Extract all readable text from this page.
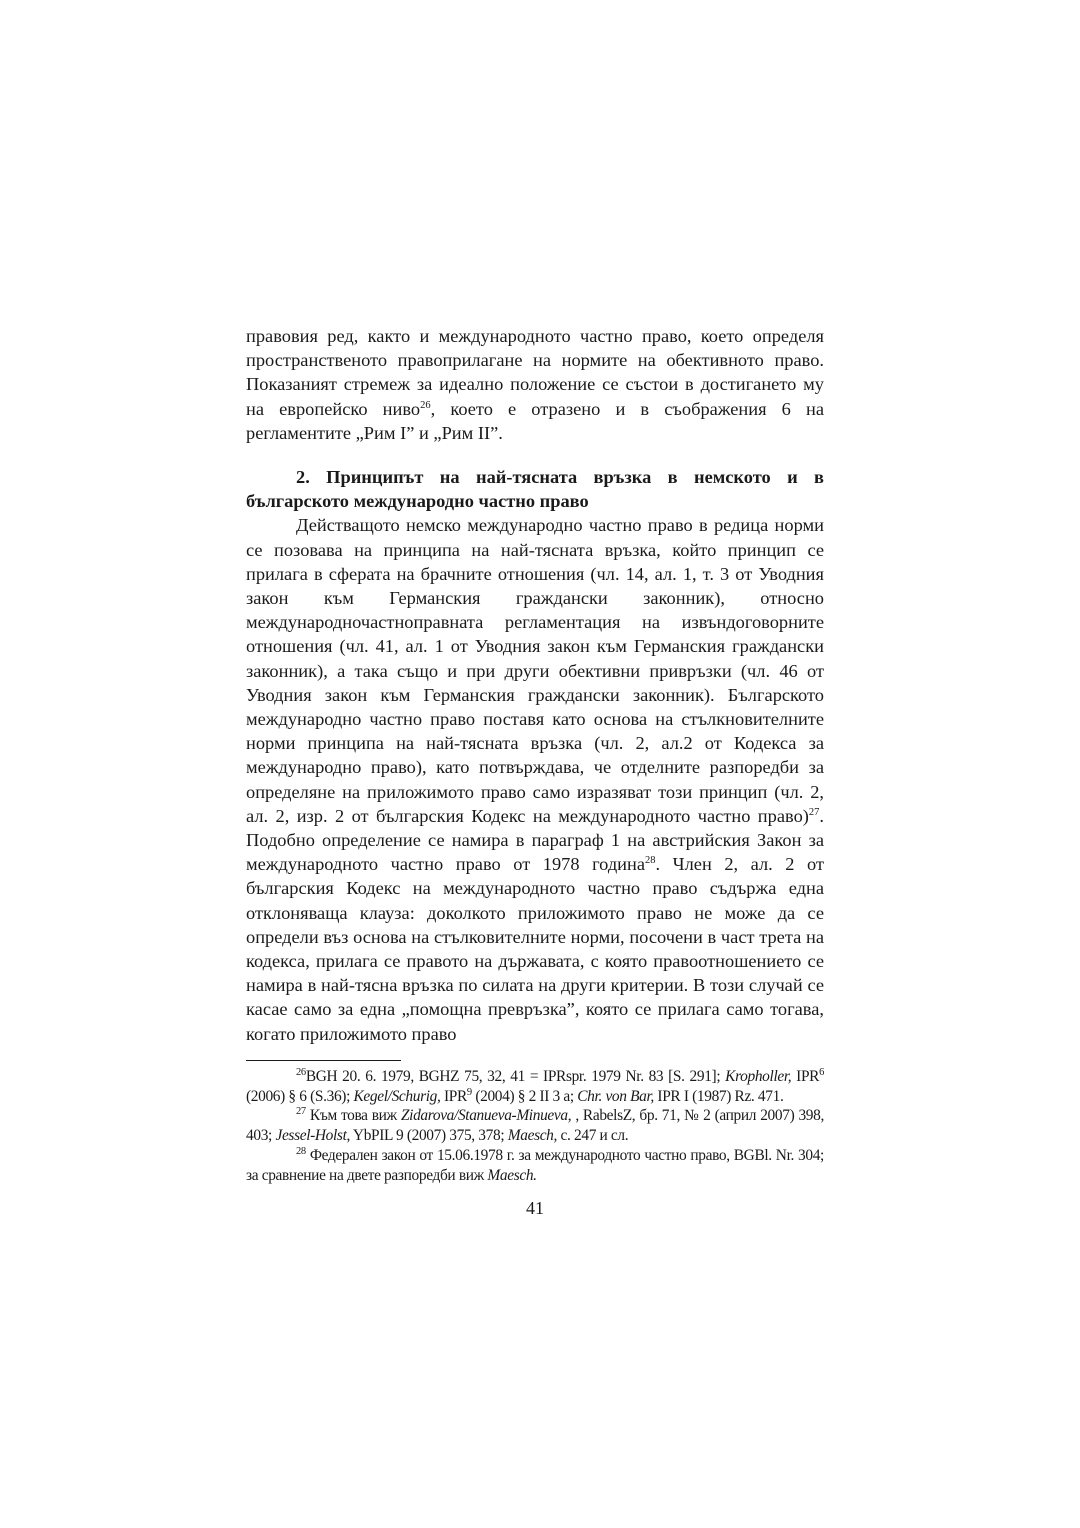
правовия ред, както и международното частно право, което определя пространственото правоприлагане на нормите на обективното право. Показаният стремеж за идеално положение се състои в достигането му на европейско ниво$^{26}$, което е отразено и в съображения 6 на регламентите „Рим I” и „Рим II”.

2. Принципът на най-тясната връзка в немското и в българското международно частно право

Действащото немско международно частно право в редица норми се позовава на принципа на най-тясната връзка, който принцип се прилага в сферата на брачните отношения (чл. 14, ал. 1, т. 3 от Уводния закон към Германския граждански законник), относно международночастноправната регламентация на извъндоговорните отношения (чл. 41, ал. 1 от Уводния закон към Германския граждански законник), а така също и при други обективни привръзки (чл. 46 от Уводния закон към Германския граждански законник). Българското международно частно право поставя като основа на стълкновителните норми принципа на най-тясната връзка (чл. 2, ал.2 от Кодекса за международно право), като потвърждава, че отделните разпоредби за определяне на приложимото право само изразяват този принцип (чл. 2, ал. 2, изр. 2 от българския Кодекс на международното частно право)$^{27}$. Подобно определение се намира в параграф 1 на австрийския Закон за международното частно право от 1978 година$^{28}$. Член 2, ал. 2 от българския Кодекс на международното частно право съдържа една отклоняваща клауза: доколкото приложимото право не може да се определи въз основа на стълковителните норми, посочени в част трета на кодекса, прилага се правото на държавата, с която правоотношението се намира в най-тясна връзка по силата на други критерии. В този случай се касае само за една „помощна превръзка”, която се прилага само тогава, когато приложимото право

$^{26}$BGH 20. 6. 1979, BGHZ 75, 32, 41 = IPRspr. 1979 Nr. 83 [S. 291]; Kropholler, IPR$^6$ (2006) § 6 (S.36); Kegel/Schurig, IPR$^9$ (2004) § 2 II 3 a; Chr. von Bar, IPR I (1987) Rz. 471.

$^{27}$ Към това виж Zidarova/Stanueva-Minueva, , RabelsZ, бр. 71, № 2 (април 2007) 398, 403; Jessel-Holst, YbPIL 9 (2007) 375, 378; Maesch, с. 247 и сл.

$^{28}$ Федерален закон от 15.06.1978 г. за международното частно право, BGBl. Nr. 304; за сравнение на двете разпоредби виж Maesch.

41
